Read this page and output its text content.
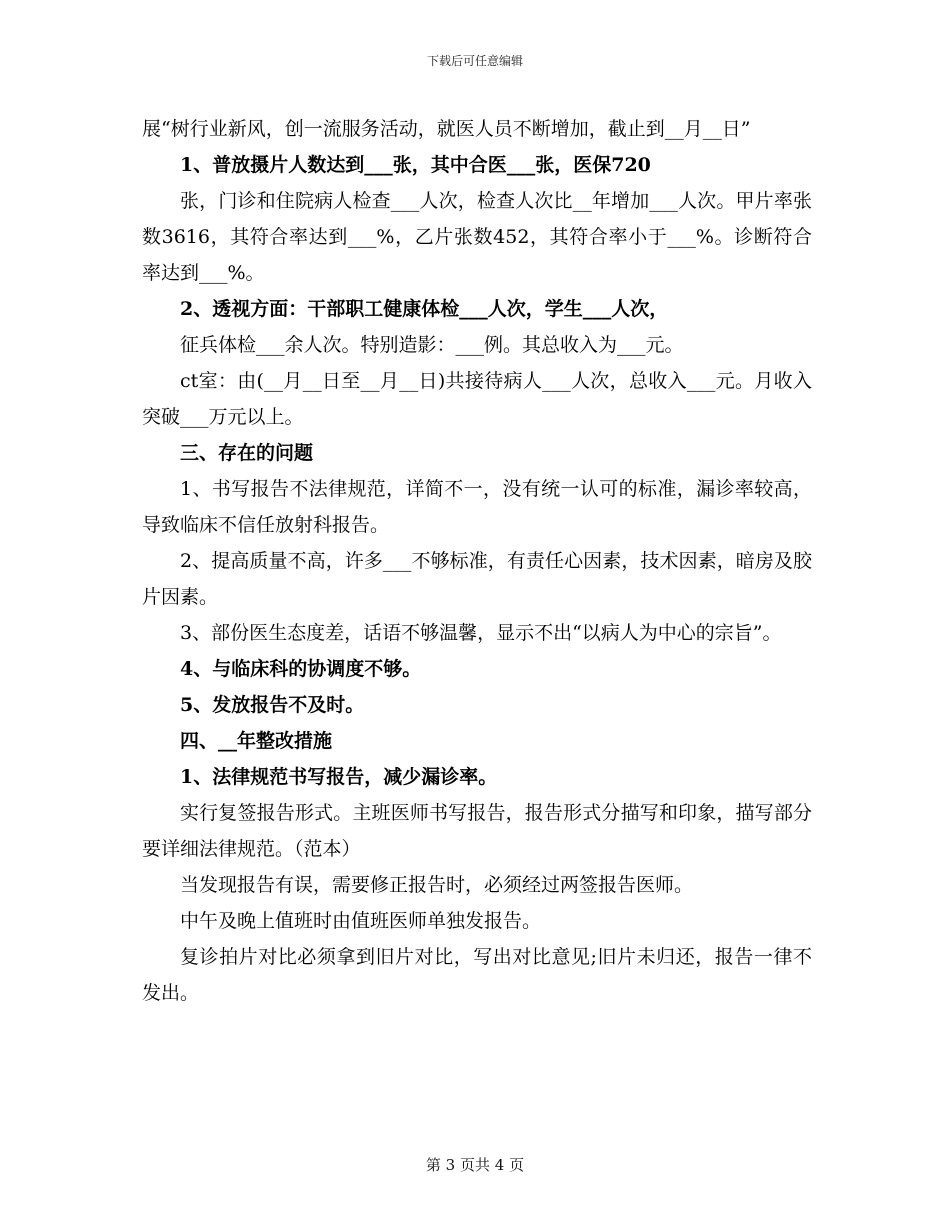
下载后可任意编辑

展“树行业新风，创一流服务活动，就医人员不断增加，截止到__月__日”

1、普放摄片人数达到___张，其中合医___张，医保720

张，门诊和住院病人检查___人次，检查人次比__年增加___人次。甲片率张数3616，其符合率达到___%，乙片张数452，其符合率小于___%。诊断符合率达到___%。

2、透视方面：干部职工健康体检___人次，学生___人次，

征兵体检___余人次。特别造影：___例。其总收入为___元。

ct室：由(__月__日至__月__日)共接待病人___人次，总收入___元。月收入突破___万元以上。

三、存在的问题

1、书写报告不法律规范，详简不一，没有统一认可的标准，漏诊率较高，导致临床不信任放射科报告。

2、提高质量不高，许多___不够标准，有责任心因素，技术因素，暗房及胶片因素。

3、部份医生态度差，话语不够温馨，显示不出“以病人为中心的宗旨”。

4、与临床科的协调度不够。

5、发放报告不及时。

四、__年整改措施

1、法律规范书写报告，减少漏诊率。

实行复签报告形式。主班医师书写报告，报告形式分描写和印象，描写部分要详细法律规范。（范本）

当发现报告有误，需要修正报告时，必须经过两签报告医师。

中午及晚上值班时由值班医师单独发报告。

复诊拍片对比必须拿到旧片对比，写出对比意见;旧片未归还，报告一律不发出。

第 3 页共 4 页
